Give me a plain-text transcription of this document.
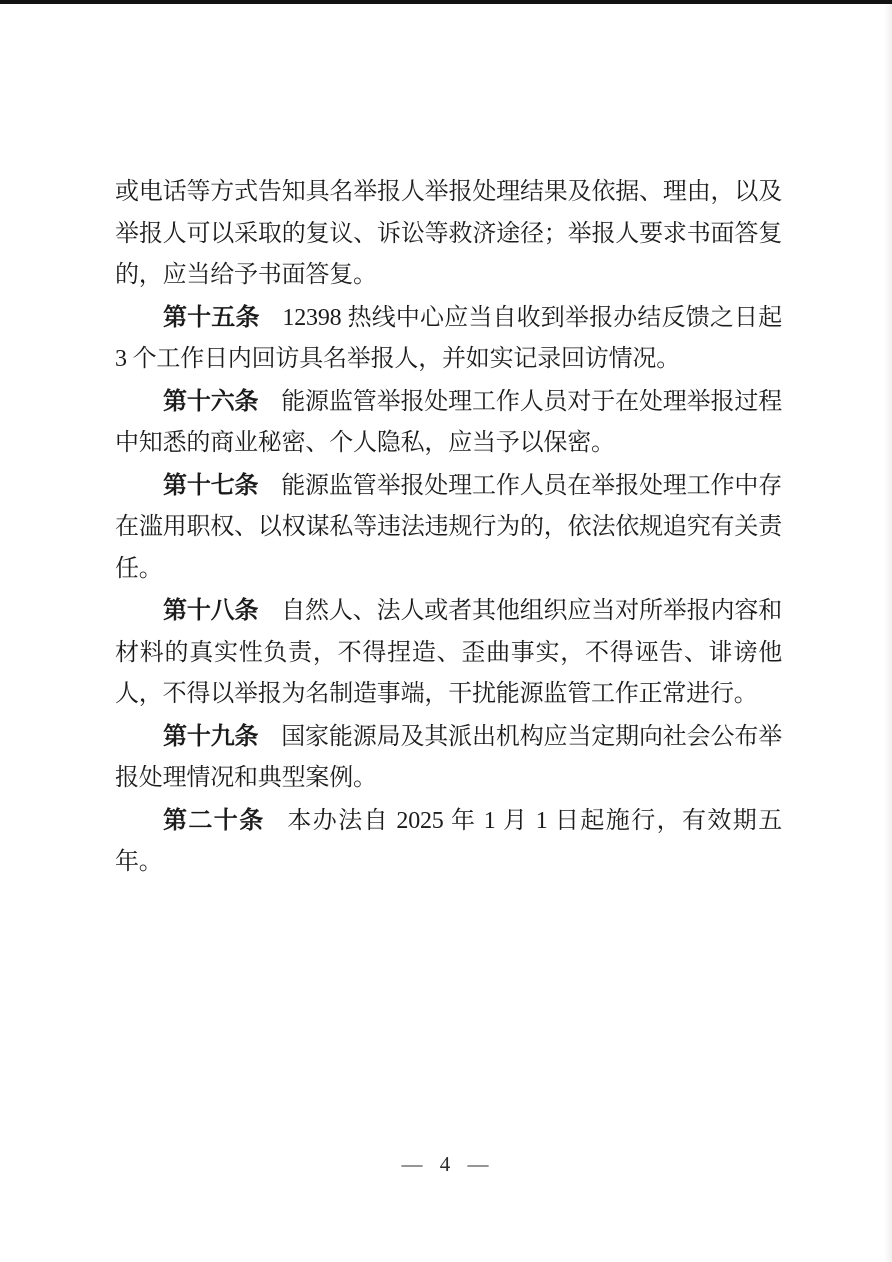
或电话等方式告知具名举报人举报处理结果及依据、理由，以及举报人可以采取的复议、诉讼等救济途径；举报人要求书面答复的，应当给予书面答复。

第十五条 12398 热线中心应当自收到举报办结反馈之日起 3 个工作日内回访具名举报人，并如实记录回访情况。

第十六条 能源监管举报处理工作人员对于在处理举报过程中知悉的商业秘密、个人隐私，应当予以保密。

第十七条 能源监管举报处理工作人员在举报处理工作中存在滥用职权、以权谋私等违法违规行为的，依法依规追究有关责任。

第十八条 自然人、法人或者其他组织应当对所举报内容和材料的真实性负责，不得捏造、歪曲事实，不得诬告、诽谤他人，不得以举报为名制造事端，干扰能源监管工作正常进行。

第十九条 国家能源局及其派出机构应当定期向社会公布举报处理情况和典型案例。

第二十条 本办法自 2025 年 1 月 1 日起施行，有效期五年。

— 4 —
